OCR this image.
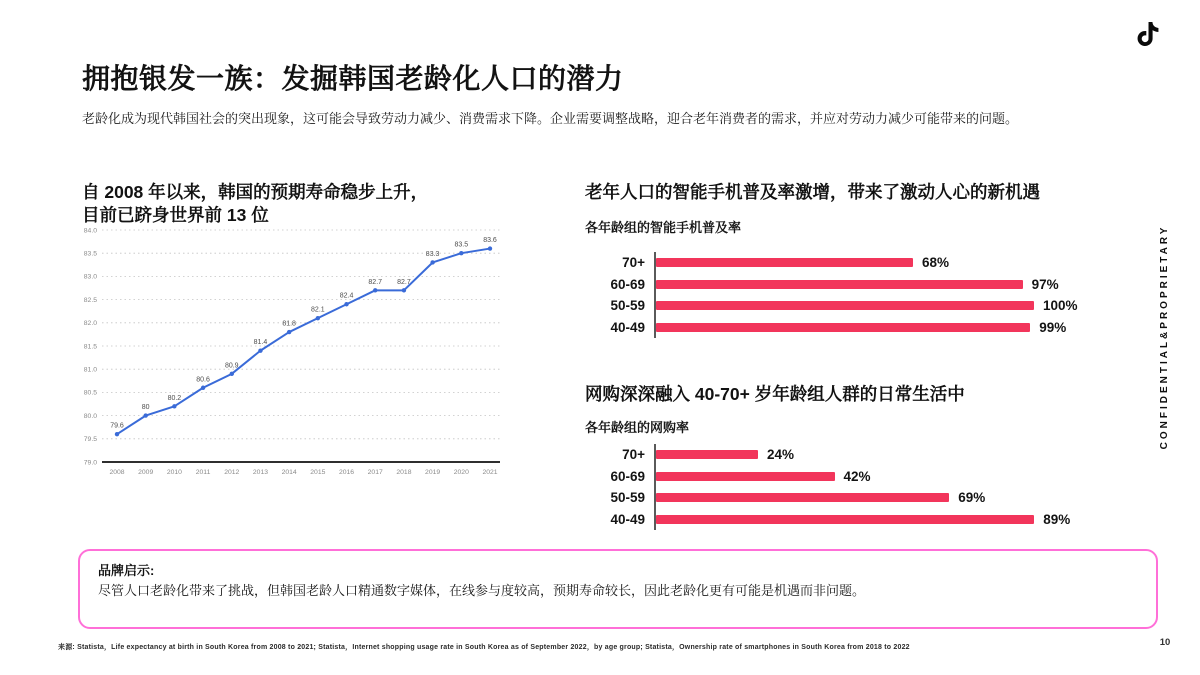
拥抱银发一族：发掘韩国老龄化人口的潜力

老龄化成为现代韩国社会的突出现象，这可能会导致劳动力减少、消费需求下降。企业需要调整战略，迎合老年消费者的需求，并应对劳动力减少可能带来的问题。

自 2008 年以来，韩国的预期寿命稳步上升，
目前已跻身世界前 13 位
84.0
83.5
83.0
82.5
82.0
81.5
81.0
80.5
80.0
79.5
79.0
2008 2009 2010 2011 2012 2013 2014 2015 2016 2017 2018 2019 2020 2021
79.6
80
80.2
80.6
80.9
81.4
81.8
82.1
82.4
82.7 82.7
83.3
83.5
83.6
老年人口的智能手机普及率激增，带来了激动人心的新机遇
各年龄组的智能手机普及率
70+	68%
60-69	97%
50-59	100%
40-49	99%
网购深深融入 40-70+ 岁年龄组人群的日常生活中
各年龄组的网购率
70+	24%
60-69	42%
50-59	69%
40-49	89%
品牌启示:
尽管人口老龄化带来了挑战，但韩国老龄人口精通数字媒体，在线参与度较高，预期寿命较长，因此老龄化更有可能是机遇而非问题。
来源: Statista，Life expectancy at birth in South Korea from 2008 to 2021; Statista，Internet shopping usage rate in South Korea as of September 2022，by age group; Statista，Ownership rate of smartphones in South Korea from 2018 to 2022	10
CONFIDENTIAL&PROPRIETARY
